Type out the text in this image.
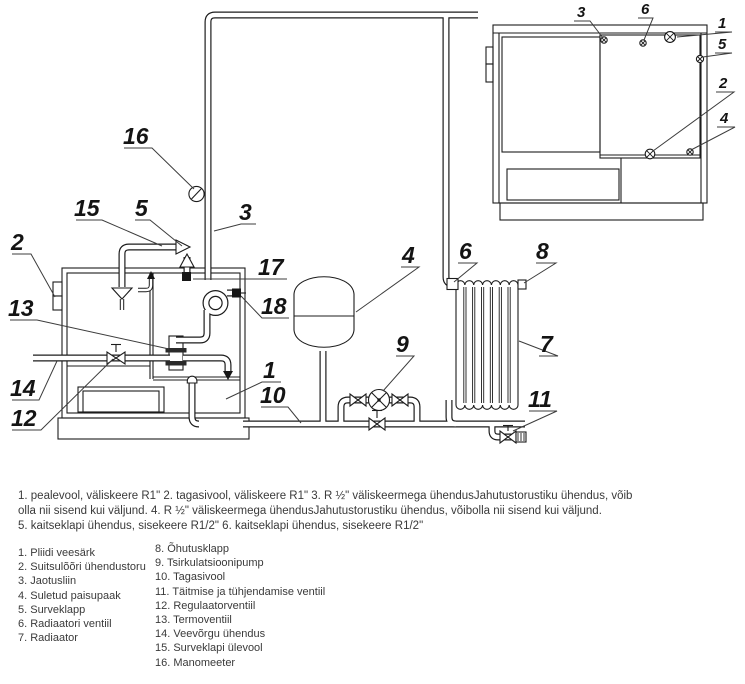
16
15 5	3
2
13
14
12
17
18
1
10
4
9
6	8
7
11
3	6
1
5
2
4
1. pealevool, väliskeere R1" 2. tagasivool, väliskeere R1" 3. R ½" väliskeermega ühendusJahutustorustiku ühendus, võib
olla nii sisend kui väljund. 4. R ½" väliskeermega ühendusJahutustorustiku ühendus, võibolla nii sisend kui väljund.
5. kaitseklapi ühendus, sisekeere R1/2" 6. kaitseklapi ühendus, sisekeere R1/2"
1. Pliidi veesärk
2. Suitsulõõri ühendustoru
3. Jaotusliin
4. Suletud paisupaak
5. Surveklapp
6. Radiaatori ventiil
7. Radiaator
8. Õhutusklapp
9. Tsirkulatsioonipump
10. Tagasivool
11. Täitmise ja tühjendamise ventiil
12. Regulaatorventiil
13. Termoventiil
14. Veevõrgu ühendus
15. Surveklapi ülevool
16. Manomeeter
